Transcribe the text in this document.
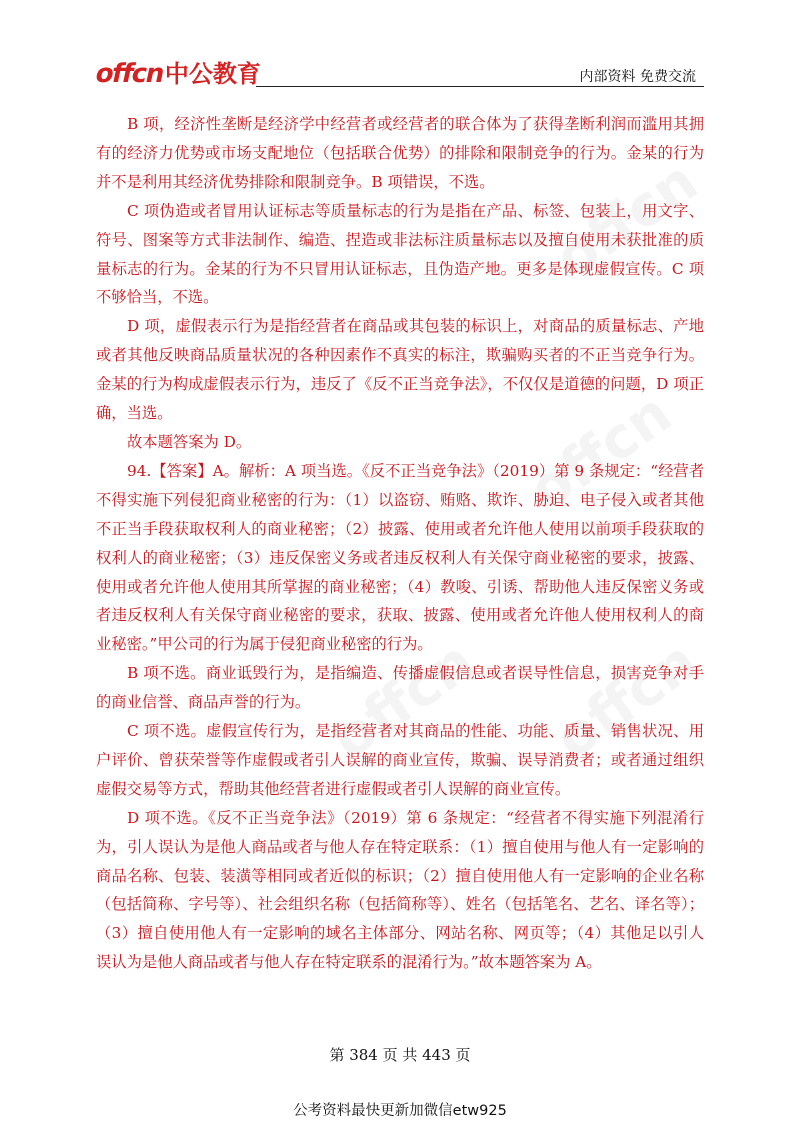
offcn
中公教育	内部资料 免费交流

B 项，经济性垄断是经济学中经营者或经营者的联合体为了获得垄断利润而滥用其拥有的经济力优势或市场支配地位（包括联合优势）的排除和限制竞争的行为。金某的行为并不是利用其经济优势排除和限制竞争。B 项错误，不选。

C 项伪造或者冒用认证标志等质量标志的行为是指在产品、标签、包装上，用文字、符号、图案等方式非法制作、编造、捏造或非法标注质量标志以及擅自使用未获批准的质量标志的行为。金某的行为不只冒用认证标志，且伪造产地。更多是体现虚假宣传。C 项不够恰当，不选。

D 项，虚假表示行为是指经营者在商品或其包装的标识上，对商品的质量标志、产地或者其他反映商品质量状况的各种因素作不真实的标注，欺骗购买者的不正当竞争行为。金某的行为构成虚假表示行为，违反了《反不正当竞争法》，不仅仅是道德的问题，D 项正确，当选。

故本题答案为 D。

94.【答案】A。解析：A 项当选。《反不正当竞争法》（2019）第 9 条规定：“经营者不得实施下列侵犯商业秘密的行为：（1）以盗窃、贿赂、欺诈、胁迫、电子侵入或者其他不正当手段获取权利人的商业秘密；（2）披露、使用或者允许他人使用以前项手段获取的权利人的商业秘密；（3）违反保密义务或者违反权利人有关保守商业秘密的要求，披露、使用或者允许他人使用其所掌握的商业秘密；（4）教唆、引诱、帮助他人违反保密义务或者违反权利人有关保守商业秘密的要求，获取、披露、使用或者允许他人使用权利人的商业秘密。”甲公司的行为属于侵犯商业秘密的行为。

B 项不选。商业诋毁行为，是指编造、传播虚假信息或者误导性信息，损害竞争对手的商业信誉、商品声誉的行为。

C 项不选。虚假宣传行为，是指经营者对其商品的性能、功能、质量、销售状况、用户评价、曾获荣誉等作虚假或者引人误解的商业宣传，欺骗、误导消费者；或者通过组织虚假交易等方式，帮助其他经营者进行虚假或者引人误解的商业宣传。

D 项不选。《反不正当竞争法》（2019）第 6 条规定：“经营者不得实施下列混淆行为，引人误认为是他人商品或者与他人存在特定联系：（1）擅自使用与他人有一定影响的商品名称、包装、装潢等相同或者近似的标识；（2）擅自使用他人有一定影响的企业名称（包括简称、字号等）、社会组织名称（包括简称等）、姓名（包括笔名、艺名、译名等）；（3）擅自使用他人有一定影响的域名主体部分、网站名称、网页等；（4）其他足以引人误认为是他人商品或者与他人存在特定联系的混淆行为。”故本题答案为 A。

第 384 页 共 443 页
公考资料最快更新加微信etw925
